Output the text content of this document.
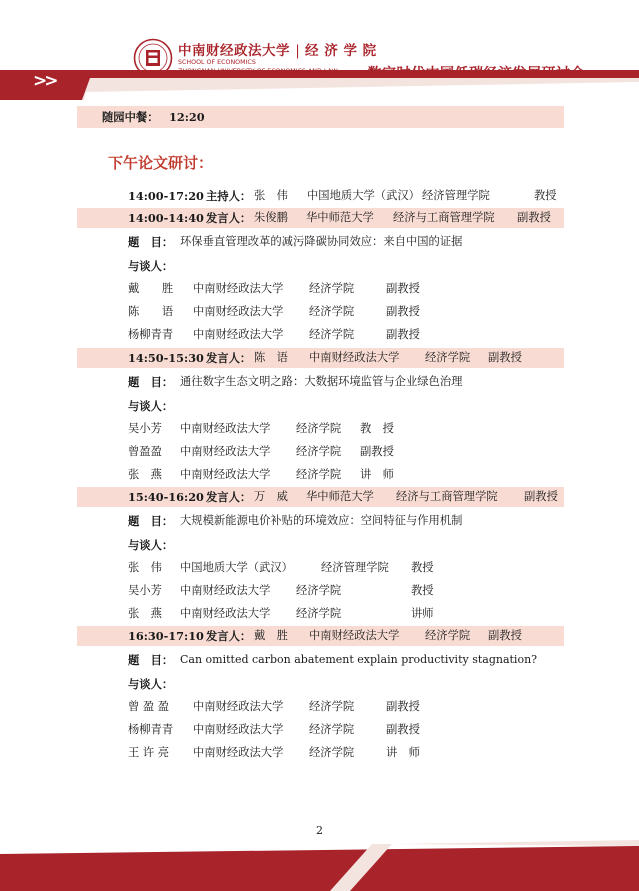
中南财经政法大学 | 经 济 学 院
SCHOOL OF ECONOMICS
>>
随园中餐： 12:20
下午论文研讨：
14:00-17:20 主持人： 张　伟 中国地质大学（武汉） 经济管理学院	教授
14:00-14:40 发言人： 朱俊鹏 华中师范大学 经济与工商管理学院 副教授
题　目： 环保垂直管理改革的减污降碳协同效应：来自中国的证据
与谈人：
戴　　胜 中南财经政法大学 经济学院	副教授
陈　　语 中南财经政法大学 经济学院	副教授
杨柳青青 中南财经政法大学 经济学院	副教授
14:50-15:30 发言人： 陈　语 中南财经政法大学 经济学院 副教授
题　目： 通往数字生态文明之路：大数据环境监管与企业绿色治理
与谈人：
吴小芳 中南财经政法大学 经济学院 教　授
曾盈盈 中南财经政法大学 经济学院 副教授
张　燕 中南财经政法大学 经济学院 讲　师
15:40-16:20 发言人： 万　威 华中师范大学 经济与工商管理学院 副教授
题　目： 大规模新能源电价补贴的环境效应：空间特征与作用机制
与谈人：
张　伟 中国地质大学（武汉） 经济管理学院 教授
吴小芳 中南财经政法大学 经济学院	教授
张　燕 中南财经政法大学 经济学院	讲师
16:30-17:10 发言人： 戴　胜 中南财经政法大学 经济学院 副教授
题　目： Can omitted carbon abatement explain productivity stagnation?
与谈人：
曾 盈 盈 中南财经政法大学 经济学院	副教授
杨柳青青 中南财经政法大学 经济学院	副教授
王 许 亮 中南财经政法大学 经济学院	讲　师
2
